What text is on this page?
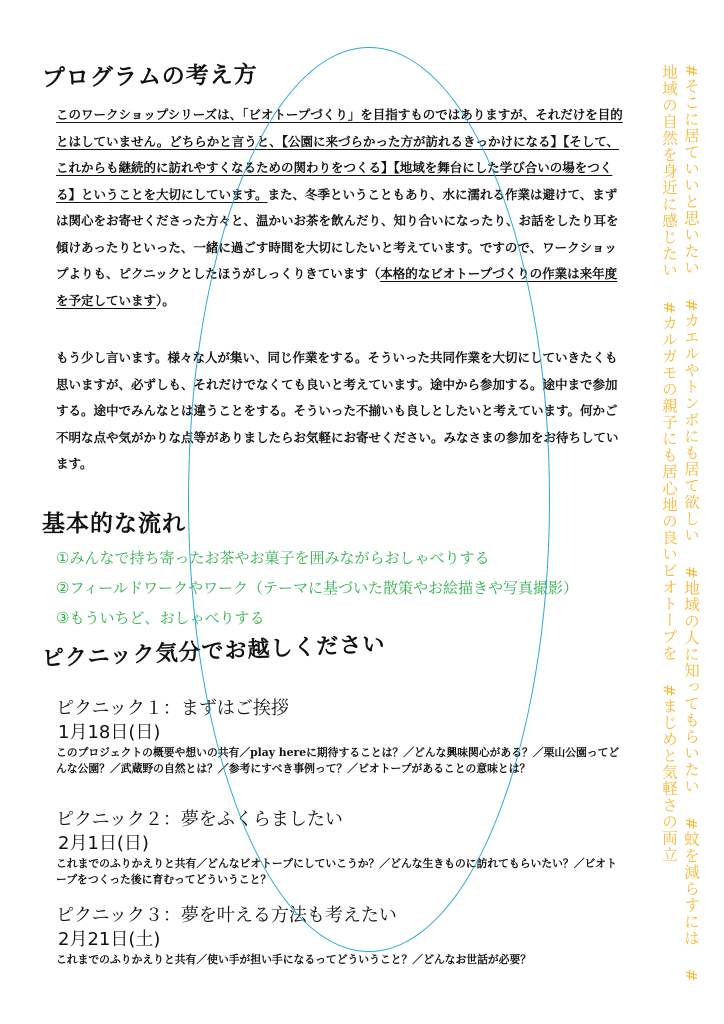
プログラムの考え方

このワークショップシリーズは、「ビオトープづくり」を目指すものではありますが、それだけを目的とはしていません。どちらかと言うと、【公園に来づらかった方が訪れるきっかけになる】【そして、これからも継続的に訪れやすくなるための関わりをつくる】【地域を舞台にした学び合いの場をつくる】ということを大切にしています。また、冬季ということもあり、水に濡れる作業は避けて、まずは関心をお寄せくださった方々と、温かいお茶を飲んだり、知り合いになったり、お話をしたり耳を傾けあったりといった、一緒に過ごす時間を大切にしたいと考えています。ですので、ワークショップよりも、ピクニックとしたほうがしっくりきています（本格的なビオトープづくりの作業は来年度を予定しています）。

もう少し言います。様々な人が集い、同じ作業をする。そういった共同作業を大切にしていきたくも思いますが、必ずしも、それだけでなくても良いと考えています。途中から参加する。途中まで参加する。途中でみんなとは違うことをする。そういった不揃いも良しとしたいと考えています。何かご不明な点や気がかりな点等がありましたらお気軽にお寄せください。みなさまの参加をお待ちしています。

基本的な流れ
①みんなで持ち寄ったお茶やお菓子を囲みながらおしゃべりする
②フィールドワークやワーク（テーマに基づいた散策やお絵描きや写真撮影）
③もういちど、おしゃべりする
ピクニック気分でお越しください
ピクニック１：まずはご挨拶
1月18日(日)

このプロジェクトの概要や想いの共有／play hereに期待することは？／どんな興味関心がある？／栗山公園ってどんな公園？／武蔵野の自然とは？／参考にすべき事例って？／ビオトープがあることの意味とは？

ピクニック２：夢をふくらましたい
2月1日(日)

これまでのふりかえりと共有／どんなビオトープにしていこうか？／どんな生きものに訪れてもらいたい？／ビオトープをつくった後に育むってどういうこと？

ピクニック３：夢を叶える方法も考えたい
2月21日(土)

これまでのふりかえりと共有／使い手が担い手になるってどういうこと？／どんなお世話が必要？

#そこに居ていいと思いたい #カエルやトンボにも居て欲しい #地域の人に知ってもらいたい #蚊を減らすには #地域の自然を身近に感じたい #カルガモの親子にも居心地の良いビオトープを #まじめと気軽さの両立
